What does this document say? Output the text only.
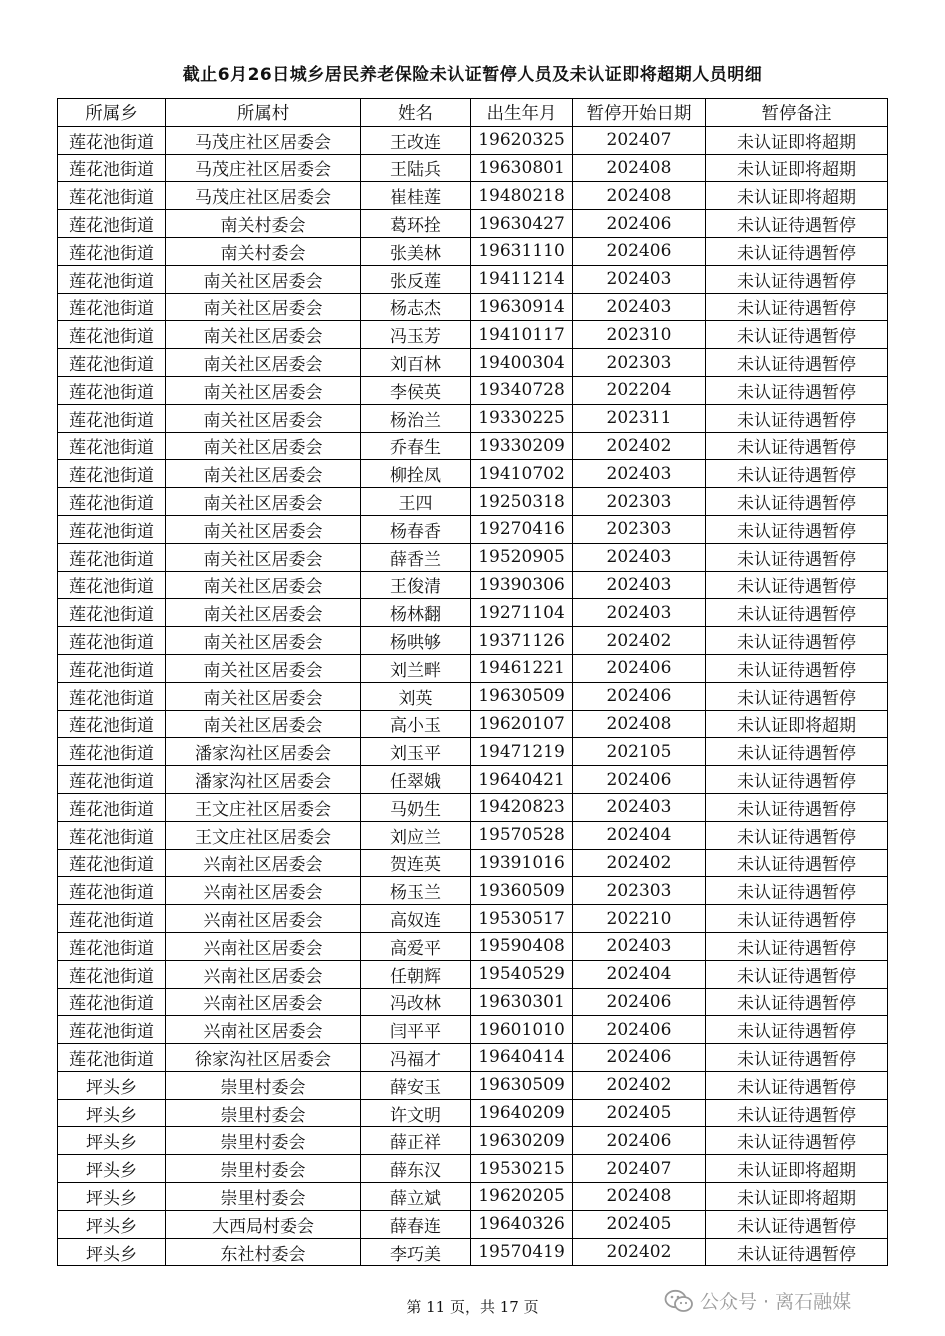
截止6月26日城乡居民养老保险未认证暂停人员及未认证即将超期人员明细
所属乡	所属村	姓名	出生年月	暂停开始日期	暂停备注
莲花池街道	马茂庄社区居委会	王改连	19620325	202407	未认证即将超期
莲花池街道	马茂庄社区居委会	王陆兵	19630801	202408	未认证即将超期
莲花池街道	马茂庄社区居委会	崔桂莲	19480218	202408	未认证即将超期
莲花池街道	南关村委会	葛环拴	19630427	202406	未认证待遇暂停
莲花池街道	南关村委会	张美林	19631110	202406	未认证待遇暂停
莲花池街道	南关社区居委会	张反莲	19411214	202403	未认证待遇暂停
莲花池街道	南关社区居委会	杨志杰	19630914	202403	未认证待遇暂停
莲花池街道	南关社区居委会	冯玉芳	19410117	202310	未认证待遇暂停
莲花池街道	南关社区居委会	刘百林	19400304	202303	未认证待遇暂停
莲花池街道	南关社区居委会	李侯英	19340728	202204	未认证待遇暂停
莲花池街道	南关社区居委会	杨治兰	19330225	202311	未认证待遇暂停
莲花池街道	南关社区居委会	乔春生	19330209	202402	未认证待遇暂停
莲花池街道	南关社区居委会	柳拴凤	19410702	202403	未认证待遇暂停
莲花池街道	南关社区居委会	王四	19250318	202303	未认证待遇暂停
莲花池街道	南关社区居委会	杨春香	19270416	202303	未认证待遇暂停
莲花池街道	南关社区居委会	薛香兰	19520905	202403	未认证待遇暂停
莲花池街道	南关社区居委会	王俊清	19390306	202403	未认证待遇暂停
莲花池街道	南关社区居委会	杨林翻	19271104	202403	未认证待遇暂停
莲花池街道	南关社区居委会	杨哄够	19371126	202402	未认证待遇暂停
莲花池街道	南关社区居委会	刘兰畔	19461221	202406	未认证待遇暂停
莲花池街道	南关社区居委会	刘英	19630509	202406	未认证待遇暂停
莲花池街道	南关社区居委会	高小玉	19620107	202408	未认证即将超期
莲花池街道	潘家沟社区居委会	刘玉平	19471219	202105	未认证待遇暂停
莲花池街道	潘家沟社区居委会	任翠娥	19640421	202406	未认证待遇暂停
莲花池街道	王文庄社区居委会	马奶生	19420823	202403	未认证待遇暂停
莲花池街道	王文庄社区居委会	刘应兰	19570528	202404	未认证待遇暂停
莲花池街道	兴南社区居委会	贺连英	19391016	202402	未认证待遇暂停
莲花池街道	兴南社区居委会	杨玉兰	19360509	202303	未认证待遇暂停
莲花池街道	兴南社区居委会	高奴连	19530517	202210	未认证待遇暂停
莲花池街道	兴南社区居委会	高爱平	19590408	202403	未认证待遇暂停
莲花池街道	兴南社区居委会	任朝辉	19540529	202404	未认证待遇暂停
莲花池街道	兴南社区居委会	冯改林	19630301	202406	未认证待遇暂停
莲花池街道	兴南社区居委会	闫平平	19601010	202406	未认证待遇暂停
莲花池街道	徐家沟社区居委会	冯福才	19640414	202406	未认证待遇暂停
坪头乡	崇里村委会	薛安玉	19630509	202402	未认证待遇暂停
坪头乡	崇里村委会	许文明	19640209	202405	未认证待遇暂停
坪头乡	崇里村委会	薛正祥	19630209	202406	未认证待遇暂停
坪头乡	崇里村委会	薛东汉	19530215	202407	未认证即将超期
坪头乡	崇里村委会	薛立斌	19620205	202408	未认证即将超期
坪头乡	大西局村委会	薛春连	19640326	202405	未认证待遇暂停
坪头乡	东社村委会	李巧美	19570419	202402	未认证待遇暂停
第 11 页，共 17 页	公众号 · 离石融媒
